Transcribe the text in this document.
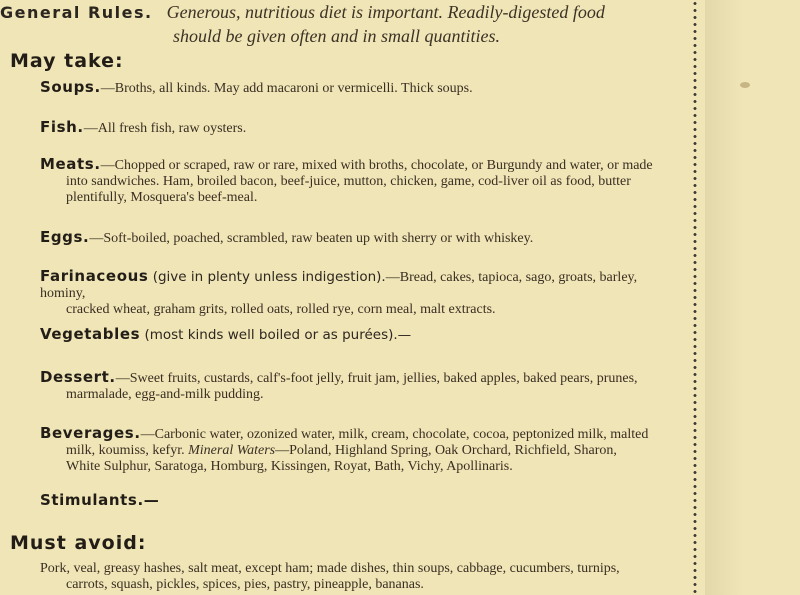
General Rules. Generous, nutritious diet is important. Readily-digested food
should be given often and in small quantities.
May take:
Soups.—Broths, all kinds. May add macaroni or vermicelli. Thick soups.
Fish.—All fresh fish, raw oysters.
Meats.—Chopped or scraped, raw or rare, mixed with broths, chocolate, or Burgundy and water, or made
into sandwiches. Ham, broiled bacon, beef-juice, mutton, chicken, game, cod-liver oil as food, butter
plentifully, Mosquera's beef-meal.
Eggs.—Soft-boiled, poached, scrambled, raw beaten up with sherry or with whiskey.
Farinaceous (give in plenty unless indigestion).—Bread, cakes, tapioca, sago, groats, barley, hominy,
cracked wheat, graham grits, rolled oats, rolled rye, corn meal, malt extracts.
Vegetables (most kinds well boiled or as purées).—
Dessert.—Sweet fruits, custards, calf's-foot jelly, fruit jam, jellies, baked apples, baked pears, prunes,
marmalade, egg-and-milk pudding.
Beverages.—Carbonic water, ozonized water, milk, cream, chocolate, cocoa, peptonized milk, malted
milk, koumiss, kefyr. Mineral Waters—Poland, Highland Spring, Oak Orchard, Richfield, Sharon,
White Sulphur, Saratoga, Homburg, Kissingen, Royat, Bath, Vichy, Apollinaris.
Stimulants.—
Must avoid:
Pork, veal, greasy hashes, salt meat, except ham; made dishes, thin soups, cabbage, cucumbers, turnips,
carrots, squash, pickles, spices, pies, pastry, pineapple, bananas.
